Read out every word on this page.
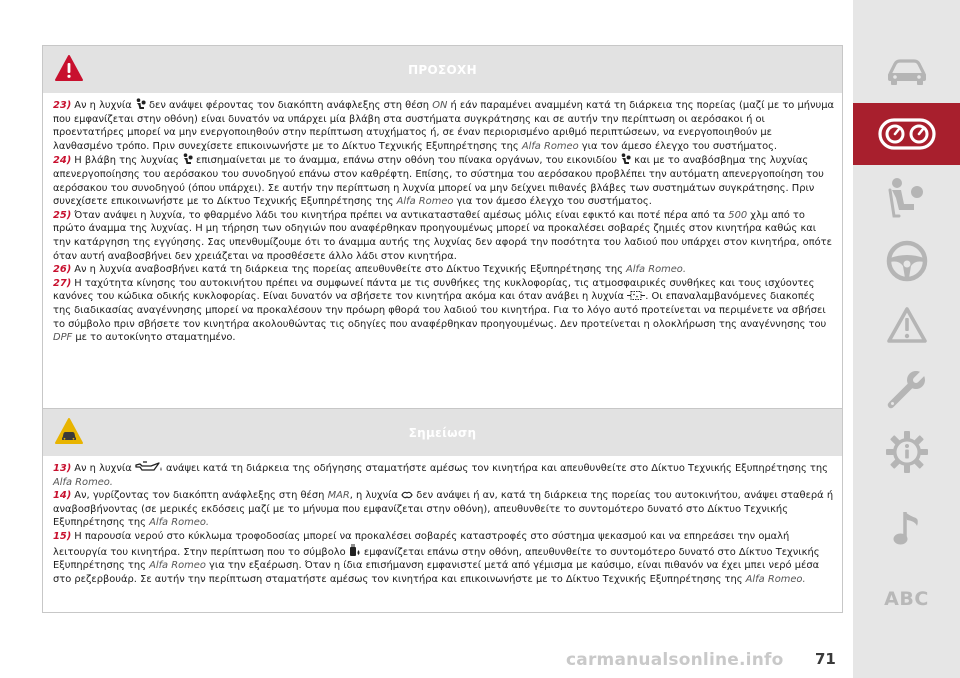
ΠΡΟΣΟΧΗ

23) Αν η λυχνία  δεν ανάψει φέροντας τον διακόπτη ανάφλεξης στη θέση ON ή εάν παραμένει αναμμένη κατά τη διάρκεια της πορείας (μαζί με το μήνυμα που εμφανίζεται στην οθόνη) είναι δυνατόν να υπάρχει μία βλάβη στα συστήματα συγκράτησης και σε αυτήν την περίπτωση οι αερόσακοι ή οι προεντατήρες μπορεί να μην ενεργοποιηθούν στην περίπτωση ατυχήματος ή, σε έναν περιορισμένο αριθμό περιπτώσεων, να ενεργοποιηθούν με λανθασμένο τρόπο. Πριν συνεχίσετε επικοινωνήστε με το Δίκτυο Τεχνικής Εξυπηρέτησης της Alfa Romeo για τον άμεσο έλεγχο του συστήματος.

24) Η βλάβη της λυχνίας  επισημαίνεται με το άναμμα, επάνω στην οθόνη του πίνακα οργάνων, του εικονιδίου  και με το αναβόσβημα της λυχνίας απενεργοποίησης του αερόσακου του συνοδηγού επάνω στον καθρέφτη. Επίσης, το σύστημα του αερόσακου προβλέπει την αυτόματη απενεργοποίηση του αερόσακου του συνοδηγού (όπου υπάρχει). Σε αυτήν την περίπτωση η λυχνία μπορεί να μην δείχνει πιθανές βλάβες των συστημάτων συγκράτησης. Πριν συνεχίσετε επικοινωνήστε με το Δίκτυο Τεχνικής Εξυπηρέτησης της Alfa Romeo για τον άμεσο έλεγχο του συστήματος.

25) Όταν ανάψει η λυχνία, το φθαρμένο λάδι του κινητήρα πρέπει να αντικατασταθεί αμέσως μόλις είναι εφικτό και ποτέ πέρα από τα 500 χλμ από το πρώτο άναμμα της λυχνίας. Η μη τήρηση των οδηγιών που αναφέρθηκαν προηγουμένως μπορεί να προκαλέσει σοβαρές ζημιές στον κινητήρα καθώς και την κατάργηση της εγγύησης. Σας υπενθυμίζουμε ότι το άναμμα αυτής της λυχνίας δεν αφορά την ποσότητα του λαδιού που υπάρχει στον κινητήρα, οπότε όταν αυτή αναβοσβήνει δεν χρειάζεται να προσθέσετε άλλο λάδι στον κινητήρα.

26) Αν η λυχνία αναβοσβήνει κατά τη διάρκεια της πορείας απευθυνθείτε στο Δίκτυο Τεχνικής Εξυπηρέτησης της Alfa Romeo.

27) Η ταχύτητα κίνησης του αυτοκινήτου πρέπει να συμφωνεί πάντα με τις συνθήκες της κυκλοφορίας, τις ατμοσφαιρικές συνθήκες και τους ισχύοντες κανόνες του κώδικα οδικής κυκλοφορίας. Είναι δυνατόν να σβήσετε τον κινητήρα ακόμα και όταν ανάβει η λυχνία . Οι επαναλαμβανόμενες διακοπές της διαδικασίας αναγέννησης μπορεί να προκαλέσουν την πρόωρη φθορά του λαδιού του κινητήρα. Για το λόγο αυτό προτείνεται να περιμένετε να σβήσει το σύμβολο πριν σβήσετε τον κινητήρα ακολουθώντας τις οδηγίες που αναφέρθηκαν προηγουμένως. Δεν προτείνεται η ολοκλήρωση της αναγέννησης του DPF με το αυτοκίνητο σταματημένο.

Σημείωση

13) Αν η λυχνία	ανάψει κατά τη διάρκεια της οδήγησης σταματήστε αμέσως τον κινητήρα και απευθυνθείτε στο Δίκτυο Τεχνικής Εξυπηρέτησης της Alfa Romeo.

14) Αν, γυρίζοντας τον διακόπτη ανάφλεξης στη θέση MAR, η λυχνία  δεν ανάψει ή αν, κατά τη διάρκεια της πορείας του αυτοκινήτου, ανάψει σταθερά ή αναβοσβήνοντας (σε μερικές εκδόσεις μαζί με το μήνυμα που εμφανίζεται στην οθόνη), απευθυνθείτε το συντομότερο δυνατό στο Δίκτυο Τεχνικής Εξυπηρέτησης της Alfa Romeo.

15) Η παρουσία νερού στο κύκλωμα τροφοδοσίας μπορεί να προκαλέσει σοβαρές καταστροφές στο σύστημα ψεκασμού και να επηρεάσει την ομαλή λειτουργία του κινητήρα. Στην περίπτωση που το σύμβολο  εμφανίζεται επάνω στην οθόνη, απευθυνθείτε το συντομότερο δυνατό στο Δίκτυο Τεχνικής Εξυπηρέτησης της Alfa Romeo για την εξαέρωση. Όταν η ίδια επισήμανση εμφανιστεί μετά από γέμισμα με καύσιμο, είναι πιθανόν να έχει μπει νερό μέσα στο ρεζερβουάρ. Σε αυτήν την περίπτωση σταματήστε αμέσως τον κινητήρα και επικοινωνήστε με το Δίκτυο Τεχνικής Εξυπηρέτησης της Alfa Romeo.

ABC
carmanualsonline.info 71
